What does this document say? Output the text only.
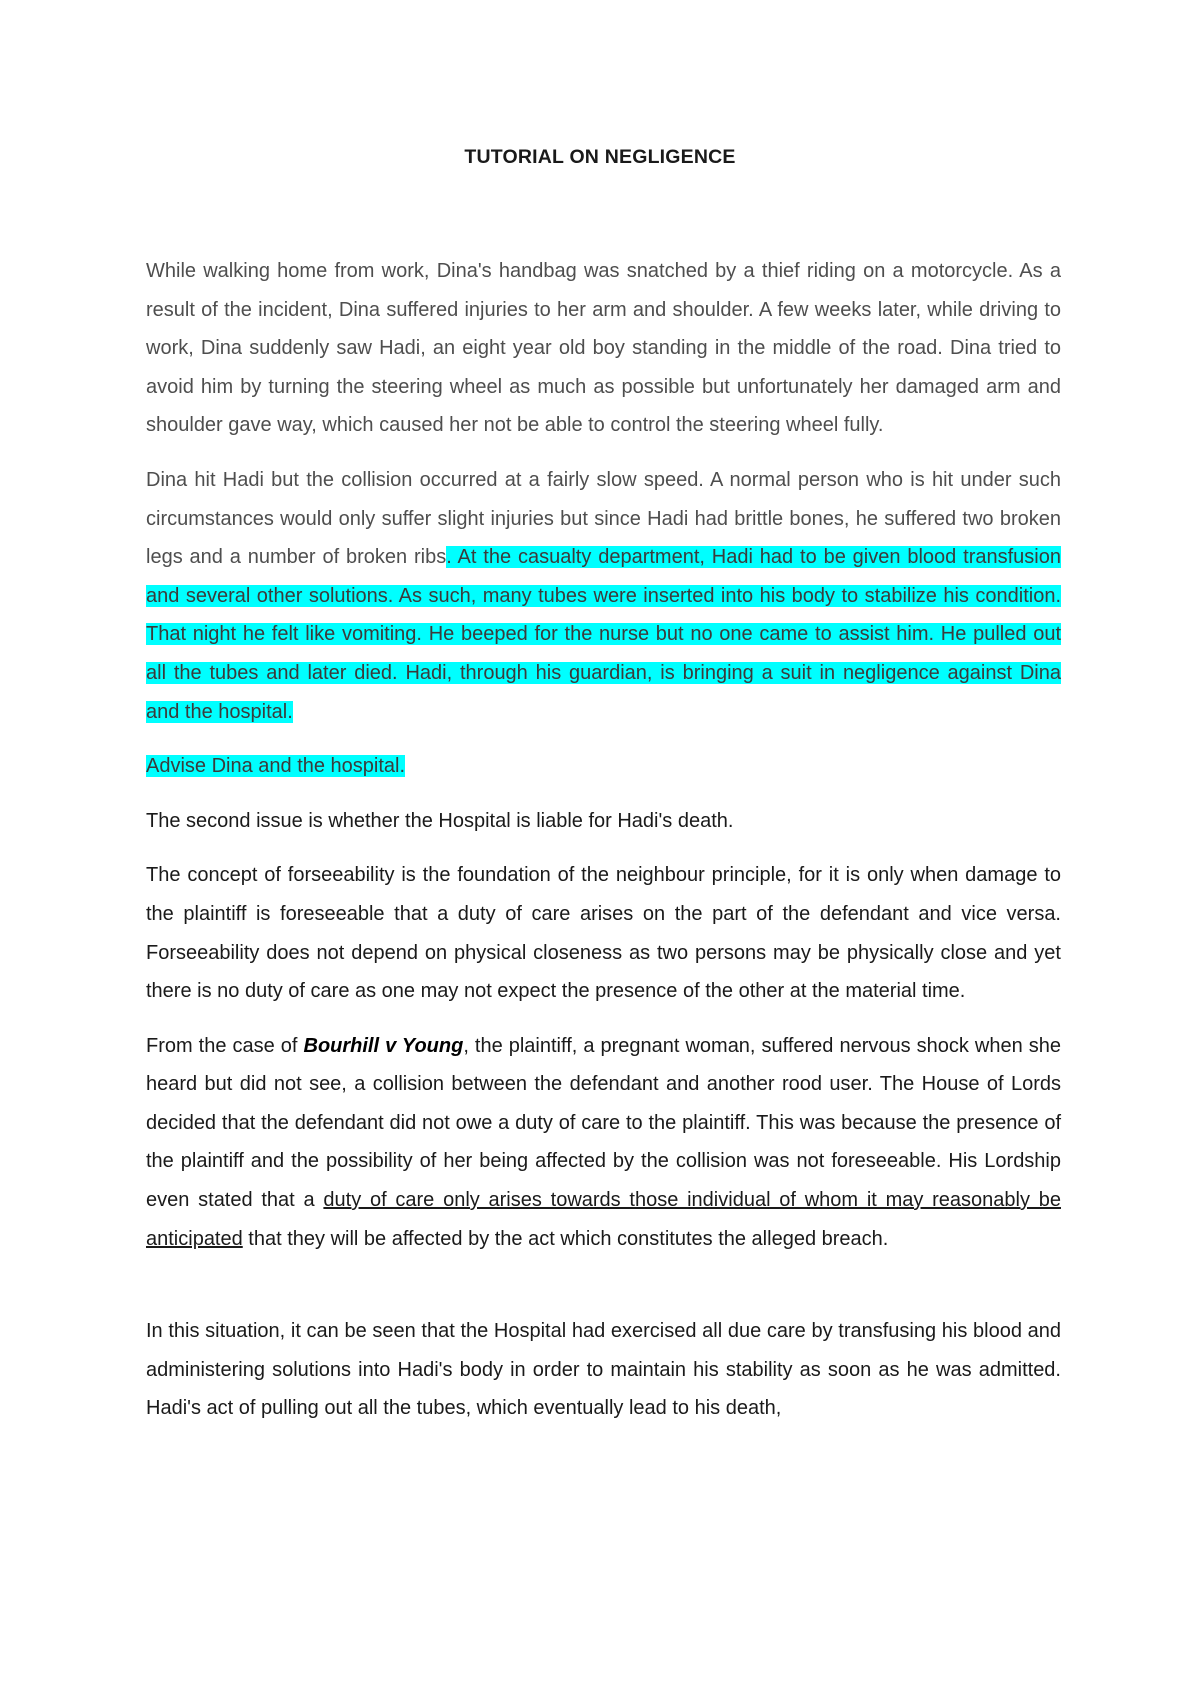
TUTORIAL ON NEGLIGENCE

While walking home from work, Dina's handbag was snatched by a thief riding on a motorcycle. As a result of the incident, Dina suffered injuries to her arm and shoulder. A few weeks later, while driving to work, Dina suddenly saw Hadi, an eight year old boy standing in the middle of the road. Dina tried to avoid him by turning the steering wheel as much as possible but unfortunately her damaged arm and shoulder gave way, which caused her not be able to control the steering wheel fully.

Dina hit Hadi but the collision occurred at a fairly slow speed. A normal person who is hit under such circumstances would only suffer slight injuries but since Hadi had brittle bones, he suffered two broken legs and a number of broken ribs. At the casualty department, Hadi had to be given blood transfusion and several other solutions. As such, many tubes were inserted into his body to stabilize his condition. That night he felt like vomiting. He beeped for the nurse but no one came to assist him. He pulled out all the tubes and later died. Hadi, through his guardian, is bringing a suit in negligence against Dina and the hospital.

Advise Dina and the hospital.

The second issue is whether the Hospital is liable for Hadi's death.

The concept of forseeability is the foundation of the neighbour principle, for it is only when damage to the plaintiff is foreseeable that a duty of care arises on the part of the defendant and vice versa. Forseeability does not depend on physical closeness as two persons may be physically close and yet there is no duty of care as one may not expect the presence of the other at the material time.

From the case of Bourhill v Young, the plaintiff, a pregnant woman, suffered nervous shock when she heard but did not see, a collision between the defendant and another rood user. The House of Lords decided that the defendant did not owe a duty of care to the plaintiff. This was because the presence of the plaintiff and the possibility of her being affected by the collision was not foreseeable. His Lordship even stated that a duty of care only arises towards those individual of whom it may reasonably be anticipated that they will be affected by the act which constitutes the alleged breach.

In this situation, it can be seen that the Hospital had exercised all due care by transfusing his blood and administering solutions into Hadi's body in order to maintain his stability as soon as he was admitted. Hadi's act of pulling out all the tubes, which eventually lead to his death,
